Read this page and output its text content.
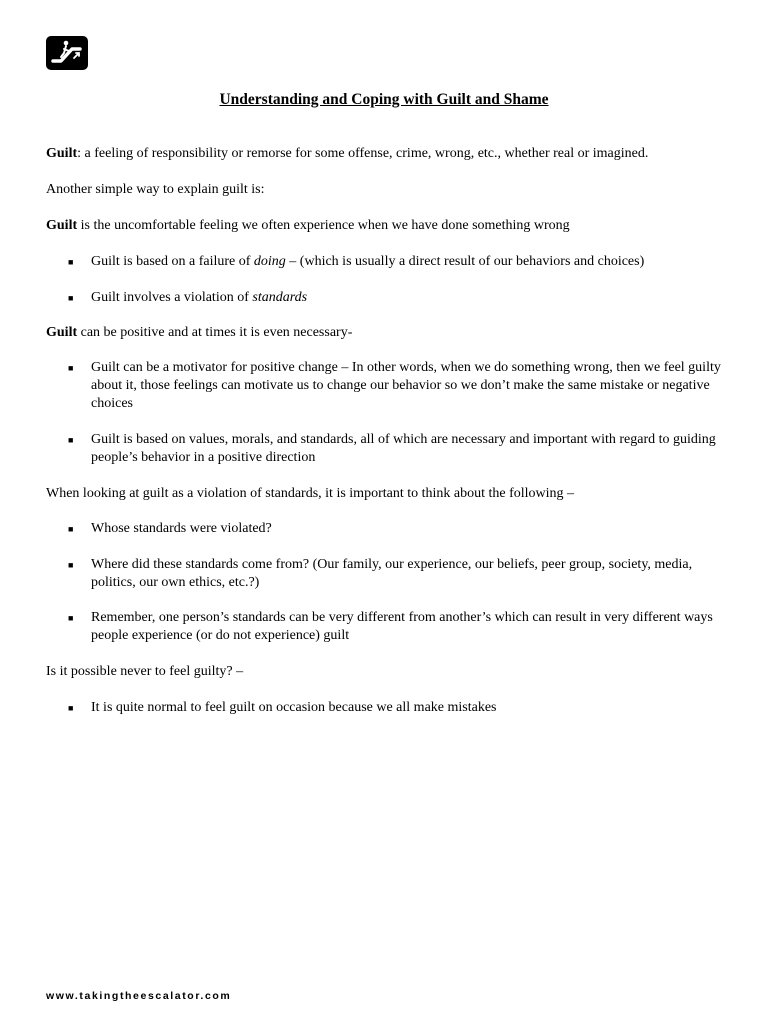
Understanding and Coping with Guilt and Shame

Guilt: a feeling of responsibility or remorse for some offense, crime, wrong, etc., whether real or imagined.

Another simple way to explain guilt is:

Guilt is the uncomfortable feeling we often experience when we have done something wrong

■ Guilt is based on a failure of doing – (which is usually a direct result of our behaviors and choices)

■ Guilt involves a violation of standards

Guilt can be positive and at times it is even necessary-

■ Guilt can be a motivator for positive change – In other words, when we do something wrong, then we feel guilty about it, those feelings can motivate us to change our behavior so we don’t make the same mistake or negative choices

■ Guilt is based on values, morals, and standards, all of which are necessary and important with regard to guiding people’s behavior in a positive direction

When looking at guilt as a violation of standards, it is important to think about the following –

■ Whose standards were violated?

■ Where did these standards come from? (Our family, our experience, our beliefs, peer group, society, media, politics, our own ethics, etc.?)

■ Remember, one person’s standards can be very different from another’s which can result in very different ways people experience (or do not experience) guilt

Is it possible never to feel guilty? –

■ It is quite normal to feel guilt on occasion because we all make mistakes

www.takingtheescalator.com
